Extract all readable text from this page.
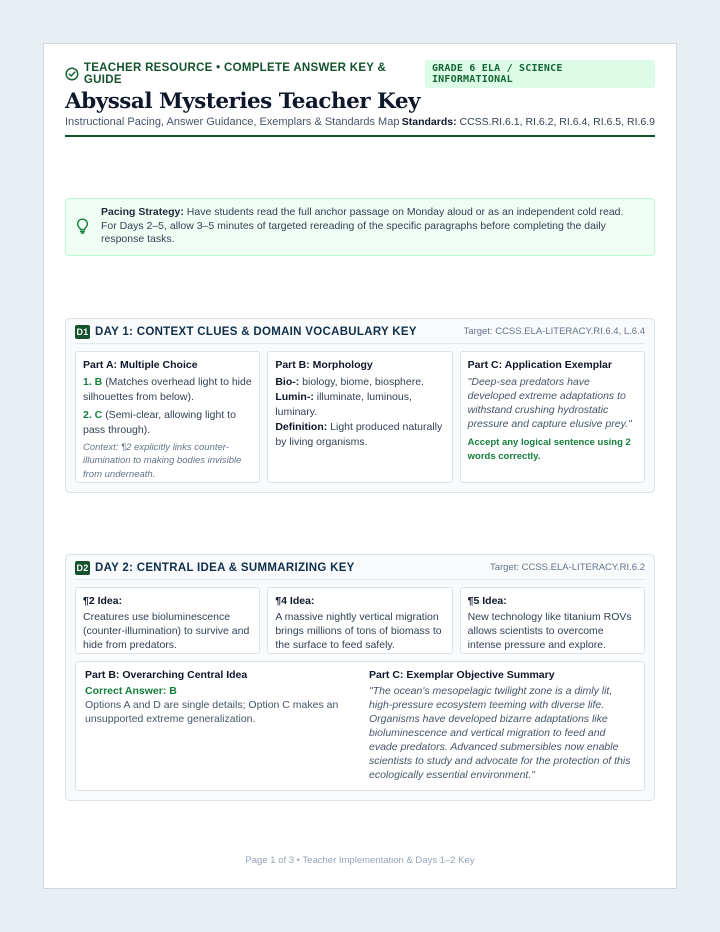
TEACHER RESOURCE • COMPLETE ANSWER KEY & GUIDE
GRADE 6 ELA / SCIENCE INFORMATIONAL
Abyssal Mysteries Teacher Key
Instructional Pacing, Answer Guidance, Exemplars & Standards Map Standards: CCSS.RI.6.1, RI.6.2, RI.6.4, RI.6.5, RI.6.9
Pacing Strategy: Have students read the full anchor passage on Monday aloud or as an independent cold read. For Days 2–5, allow 3–5 minutes of targeted rereading of the specific paragraphs before completing the daily response tasks.
D1 DAY 1: CONTEXT CLUES & DOMAIN VOCABULARY KEY	Target: CCSS.ELA-LITERACY.RI.6.4, L.6.4
Part A: Multiple Choice
1. B (Matches overhead light to hide silhouettes from below).
2. C (Semi-clear, allowing light to pass through).
Context: ¶2 explicitly links counter-illumination to making bodies invisible from underneath.
Part B: Morphology
Bio-: biology, biome, biosphere.
Lumin-: illuminate, luminous, luminary.
Definition: Light produced naturally by living organisms.
Part C: Application Exemplar
"Deep-sea predators have developed extreme adaptations to withstand crushing hydrostatic pressure and capture elusive prey."
Accept any logical sentence using 2 words correctly.
D2 DAY 2: CENTRAL IDEA & SUMMARIZING KEY	Target: CCSS.ELA-LITERACY.RI.6.2
¶2 Idea:
Creatures use bioluminescence (counter-illumination) to survive and hide from predators.
¶4 Idea:
A massive nightly vertical migration brings millions of tons of biomass to the surface to feed safely.
¶5 Idea:
New technology like titanium ROVs allows scientists to overcome intense pressure and explore.
Part B: Overarching Central Idea
Correct Answer: B
Options A and D are single details; Option C makes an unsupported extreme generalization.
Part C: Exemplar Objective Summary
"The ocean's mesopelagic twilight zone is a dimly lit, high-pressure ecosystem teeming with diverse life. Organisms have developed bizarre adaptations like bioluminescence and vertical migration to feed and evade predators. Advanced submersibles now enable scientists to study and advocate for the protection of this ecologically essential environment."
Page 1 of 3 • Teacher Implementation & Days 1–2 Key
